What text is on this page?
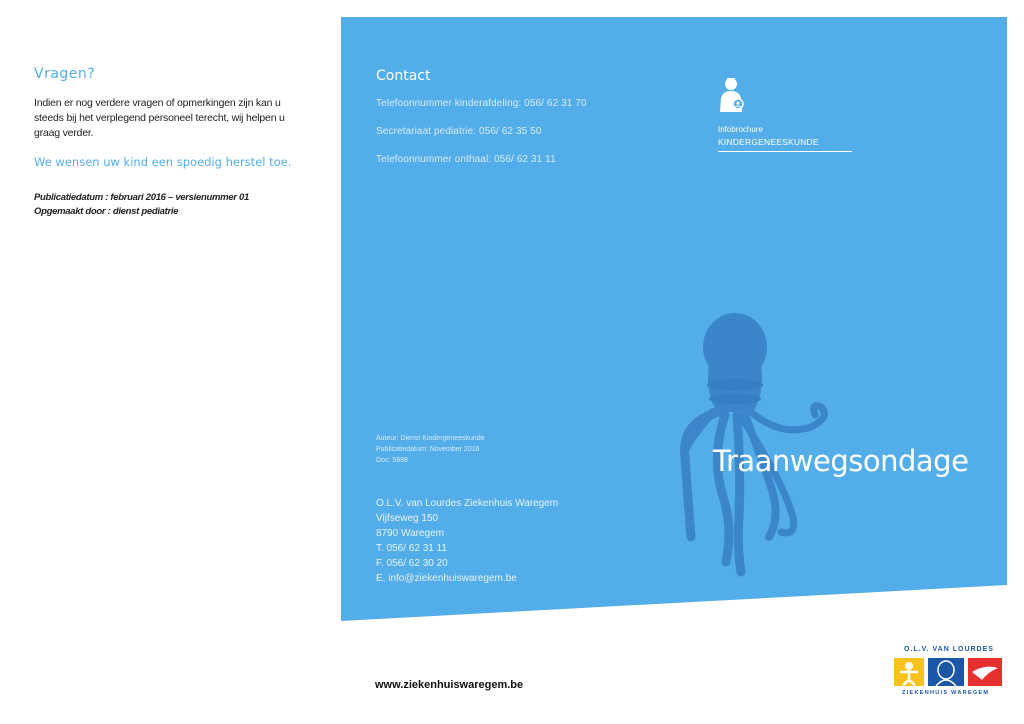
Vragen?

Indien er nog verdere vragen of opmerkingen zijn kan u steeds bij het verplegend personeel terecht, wij helpen u graag verder.

We wensen uw kind een spoedig herstel toe.

Publicatiedatum : februari 2016 – versienummer 01
Opgemaakt door : dienst pediatrie
Contact
Telefoonnummer kinderafdeling: 056/ 62 31 70
Secretariaat pediatrie: 056/ 62 35 50
Telefoonnummer onthaal: 056/ 62 31 11
Infobrochure
KINDERGENEESKUNDE
Auteur: Dienst Kindergeneeskunde
Publicatiedatum: November 2016
Doc: 5898	Traanwegsondage
O.L.V. van Lourdes Ziekenhuis Waregem
Vijfseweg 150
8790 Waregem
T. 056/ 62 31 11
F. 056/ 62 30 20
E. info@ziekenhuiswaregem.be
www.ziekenhuiswaregem.be
O.L.V. VAN LOURDES
ZIEKENHUIS WAREGEM
